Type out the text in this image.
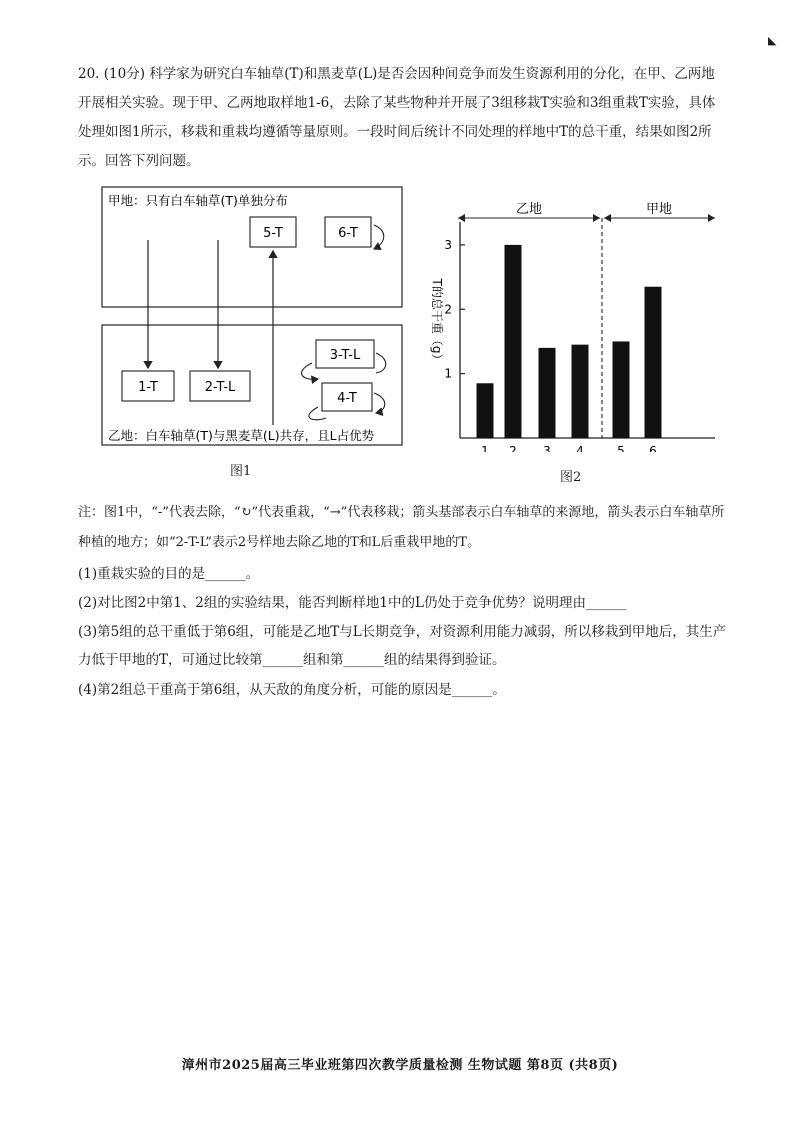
20. (10分) 科学家为研究白车轴草(T)和黑麦草(L)是否会因种间竞争而发生资源利用的分化，在甲、乙两地开展相关实验。现于甲、乙两地取样地1-6，去除了某些物种并开展了3组移栽T实验和3组重栽T实验，具体处理如图1所示，移栽和重栽均遵循等量原则。一段时间后统计不同处理的样地中T的总干重，结果如图2所示。回答下列问题。
甲地：只有白车轴草(T)单独分布
乙地：白车轴草(T)与黑麦草(L)共存，且L占优势
5-T	6-T
1-T	2-T-L
3-T-L
4-T
图1
1
2
3
T的总干重（g）
1 2 3 4	5 6
乙地	甲地
图2
注：图1中，“-”代表去除，“↻”代表重栽，“→”代表移栽；箭头基部表示白车轴草的来源地，箭头表示白车轴草所种植的地方；如“2-T-L”表示2号样地去除乙地的T和L后重栽甲地的T。
(1)重栽实验的目的是______。
(2)对比图2中第1、2组的实验结果，能否判断样地1中的L仍处于竞争优势？说明理由______
(3)第5组的总干重低于第6组，可能是乙地T与L长期竞争，对资源利用能力减弱，所以移栽到甲地后，其生产力低于甲地的T，可通过比较第______组和第______组的结果得到验证。
(4)第2组总干重高于第6组，从天敌的角度分析，可能的原因是______。
◣
漳州市2025届高三毕业班第四次教学质量检测 生物试题 第8页 (共8页)
